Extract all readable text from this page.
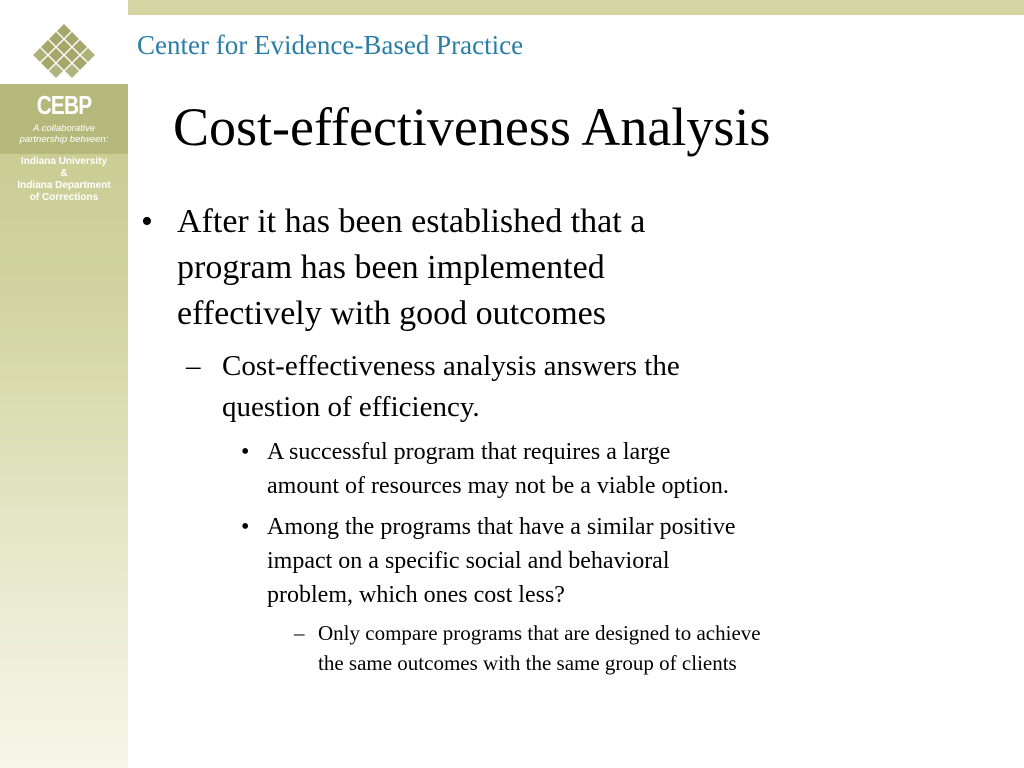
CEBP
A collaborative
partnership between:
Indiana University
&
Indiana Department
of Corrections
Center for Evidence-Based Practice
Cost-effectiveness Analysis
• After it has been established that a
program has been implemented
effectively with good outcomes
– Cost-effectiveness analysis answers the
question of efficiency.
• A successful program that requires a large
amount of resources may not be a viable option.
• Among the programs that have a similar positive
impact on a specific social and behavioral
problem, which ones cost less?
– Only compare programs that are designed to achieve
the same outcomes with the same group of clients
